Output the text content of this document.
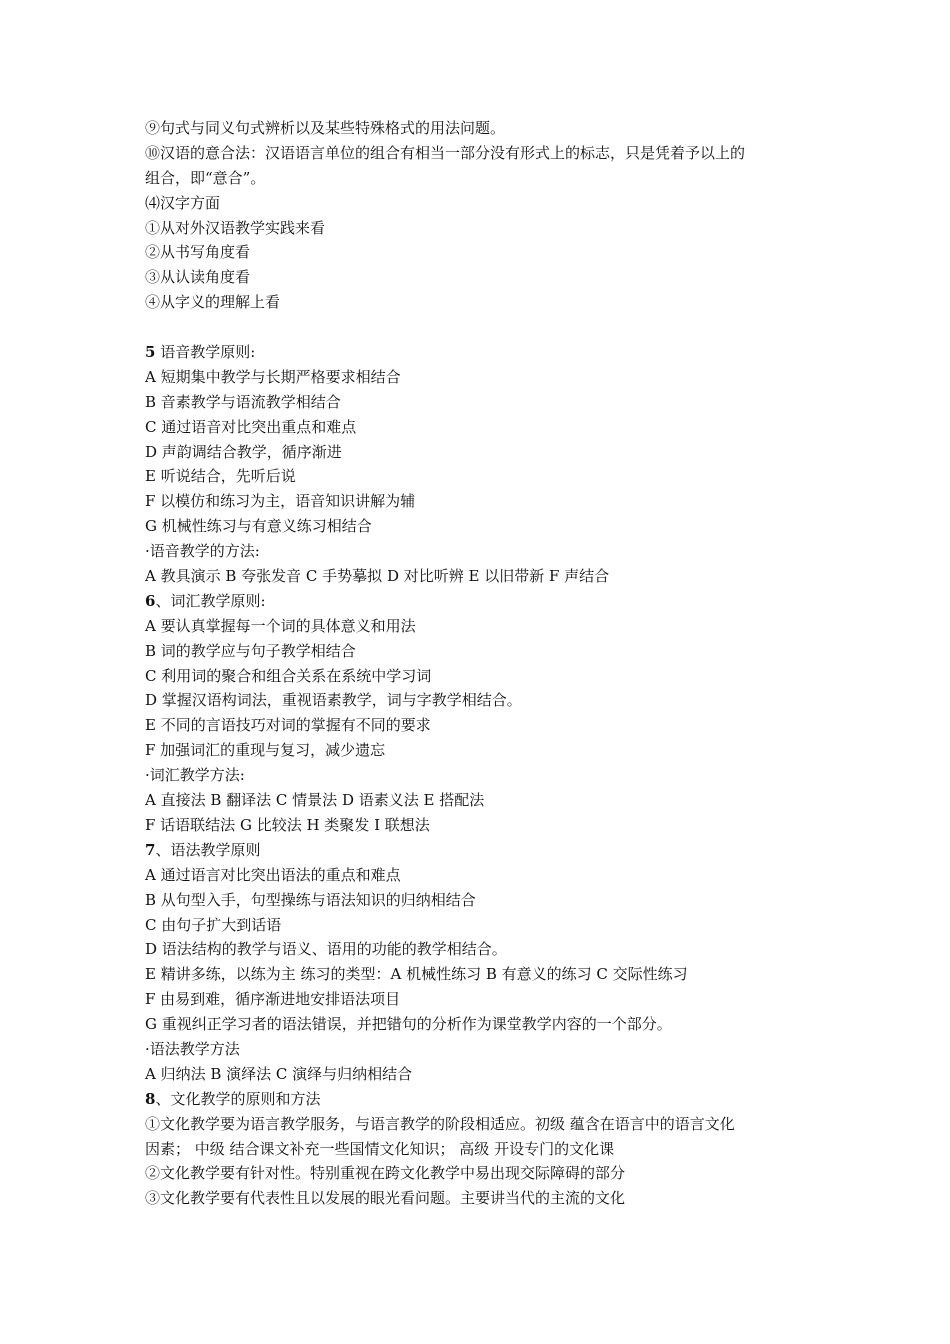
⑨句式与同义句式辨析以及某些特殊格式的用法问题。
⑩汉语的意合法：汉语语言单位的组合有相当一部分没有形式上的标志，只是凭着予以上的
组合，即“意合”。
⑷汉字方面
①从对外汉语教学实践来看
②从书写角度看
③从认读角度看
④从字义的理解上看
5 语音教学原则:
A 短期集中教学与长期严格要求相结合
B 音素教学与语流教学相结合
C 通过语音对比突出重点和难点
D 声韵调结合教学，循序渐进
E 听说结合，先听后说
F 以模仿和练习为主，语音知识讲解为辅
G 机械性练习与有意义练习相结合
·语音教学的方法:
A 教具演示 B 夸张发音 C 手势摹拟 D 对比听辨 E 以旧带新 F 声结合
6、词汇教学原则:
A 要认真掌握每一个词的具体意义和用法
B 词的教学应与句子教学相结合
C 利用词的聚合和组合关系在系统中学习词
D 掌握汉语构词法，重视语素教学，词与字教学相结合。
E 不同的言语技巧对词的掌握有不同的要求
F 加强词汇的重现与复习，减少遗忘
·词汇教学方法:
A 直接法 B 翻译法 C 情景法 D 语素义法 E 搭配法
F 话语联结法 G 比较法 H 类聚发 I 联想法
7、语法教学原则
A 通过语言对比突出语法的重点和难点
B 从句型入手，句型操练与语法知识的归纳相结合
C 由句子扩大到话语
D 语法结构的教学与语义、语用的功能的教学相结合。
E 精讲多练，以练为主 练习的类型：A 机械性练习 B 有意义的练习 C 交际性练习
F 由易到难，循序渐进地安排语法项目
G 重视纠正学习者的语法错误，并把错句的分析作为课堂教学内容的一个部分。
·语法教学方法
A 归纳法 B 演绎法 C 演绎与归纳相结合
8、文化教学的原则和方法
①文化教学要为语言教学服务，与语言教学的阶段相适应。初级 蕴含在语言中的语言文化
因素； 中级 结合课文补充一些国情文化知识； 高级 开设专门的文化课
②文化教学要有针对性。特别重视在跨文化教学中易出现交际障碍的部分
③文化教学要有代表性且以发展的眼光看问题。主要讲当代的主流的文化
